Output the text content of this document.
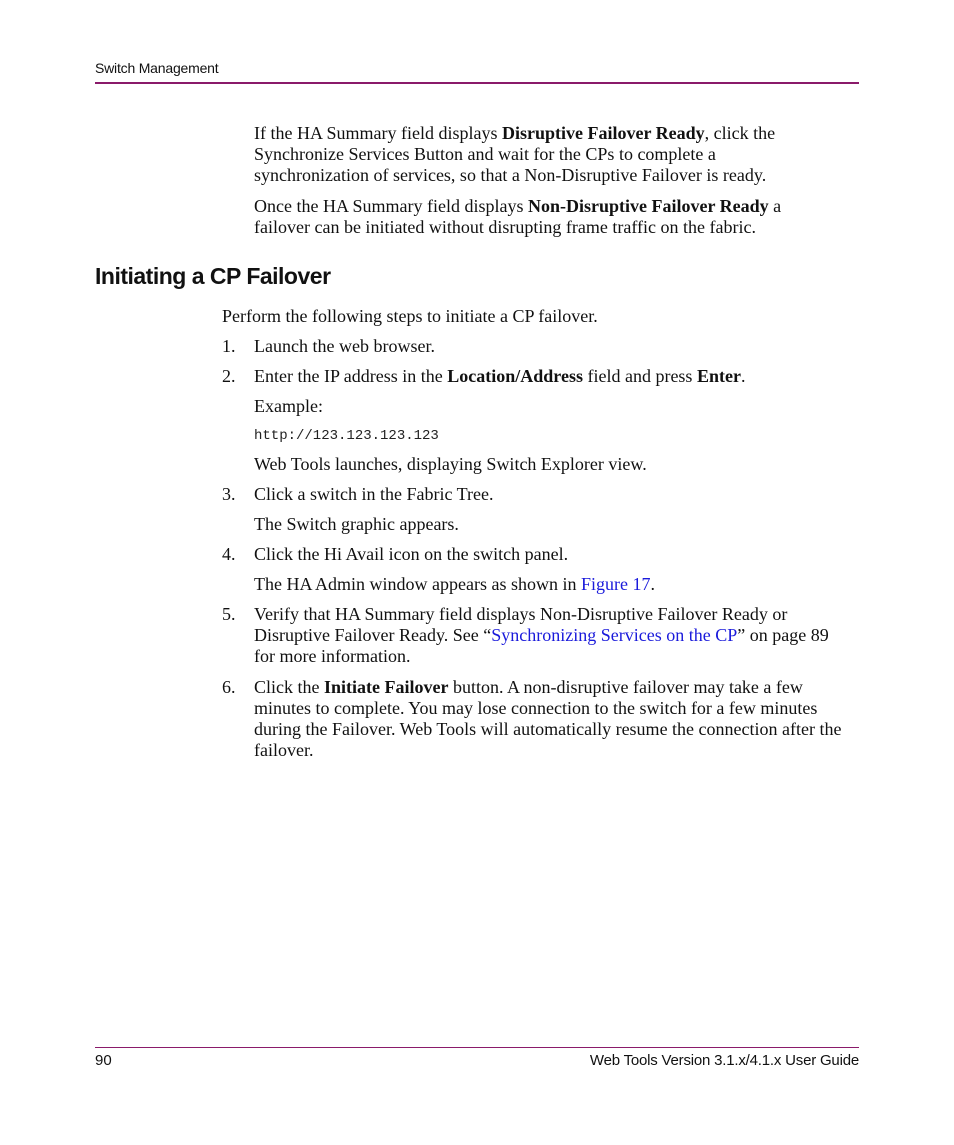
Switch Management
If the HA Summary field displays Disruptive Failover Ready, click the Synchronize Services Button and wait for the CPs to complete a synchronization of services, so that a Non-Disruptive Failover is ready.
Once the HA Summary field displays Non-Disruptive Failover Ready a failover can be initiated without disrupting frame traffic on the fabric.
Initiating a CP Failover
Perform the following steps to initiate a CP failover.
1. Launch the web browser.
2. Enter the IP address in the Location/Address field and press Enter.
Example:
http://123.123.123.123
Web Tools launches, displaying Switch Explorer view.
3. Click a switch in the Fabric Tree.
The Switch graphic appears.
4. Click the Hi Avail icon on the switch panel.
The HA Admin window appears as shown in Figure 17.
5. Verify that HA Summary field displays Non-Disruptive Failover Ready or Disruptive Failover Ready. See “Synchronizing Services on the CP” on page 89 for more information.
6. Click the Initiate Failover button. A non-disruptive failover may take a few minutes to complete. You may lose connection to the switch for a few minutes during the Failover. Web Tools will automatically resume the connection after the failover.
90	Web Tools Version 3.1.x/4.1.x User Guide
